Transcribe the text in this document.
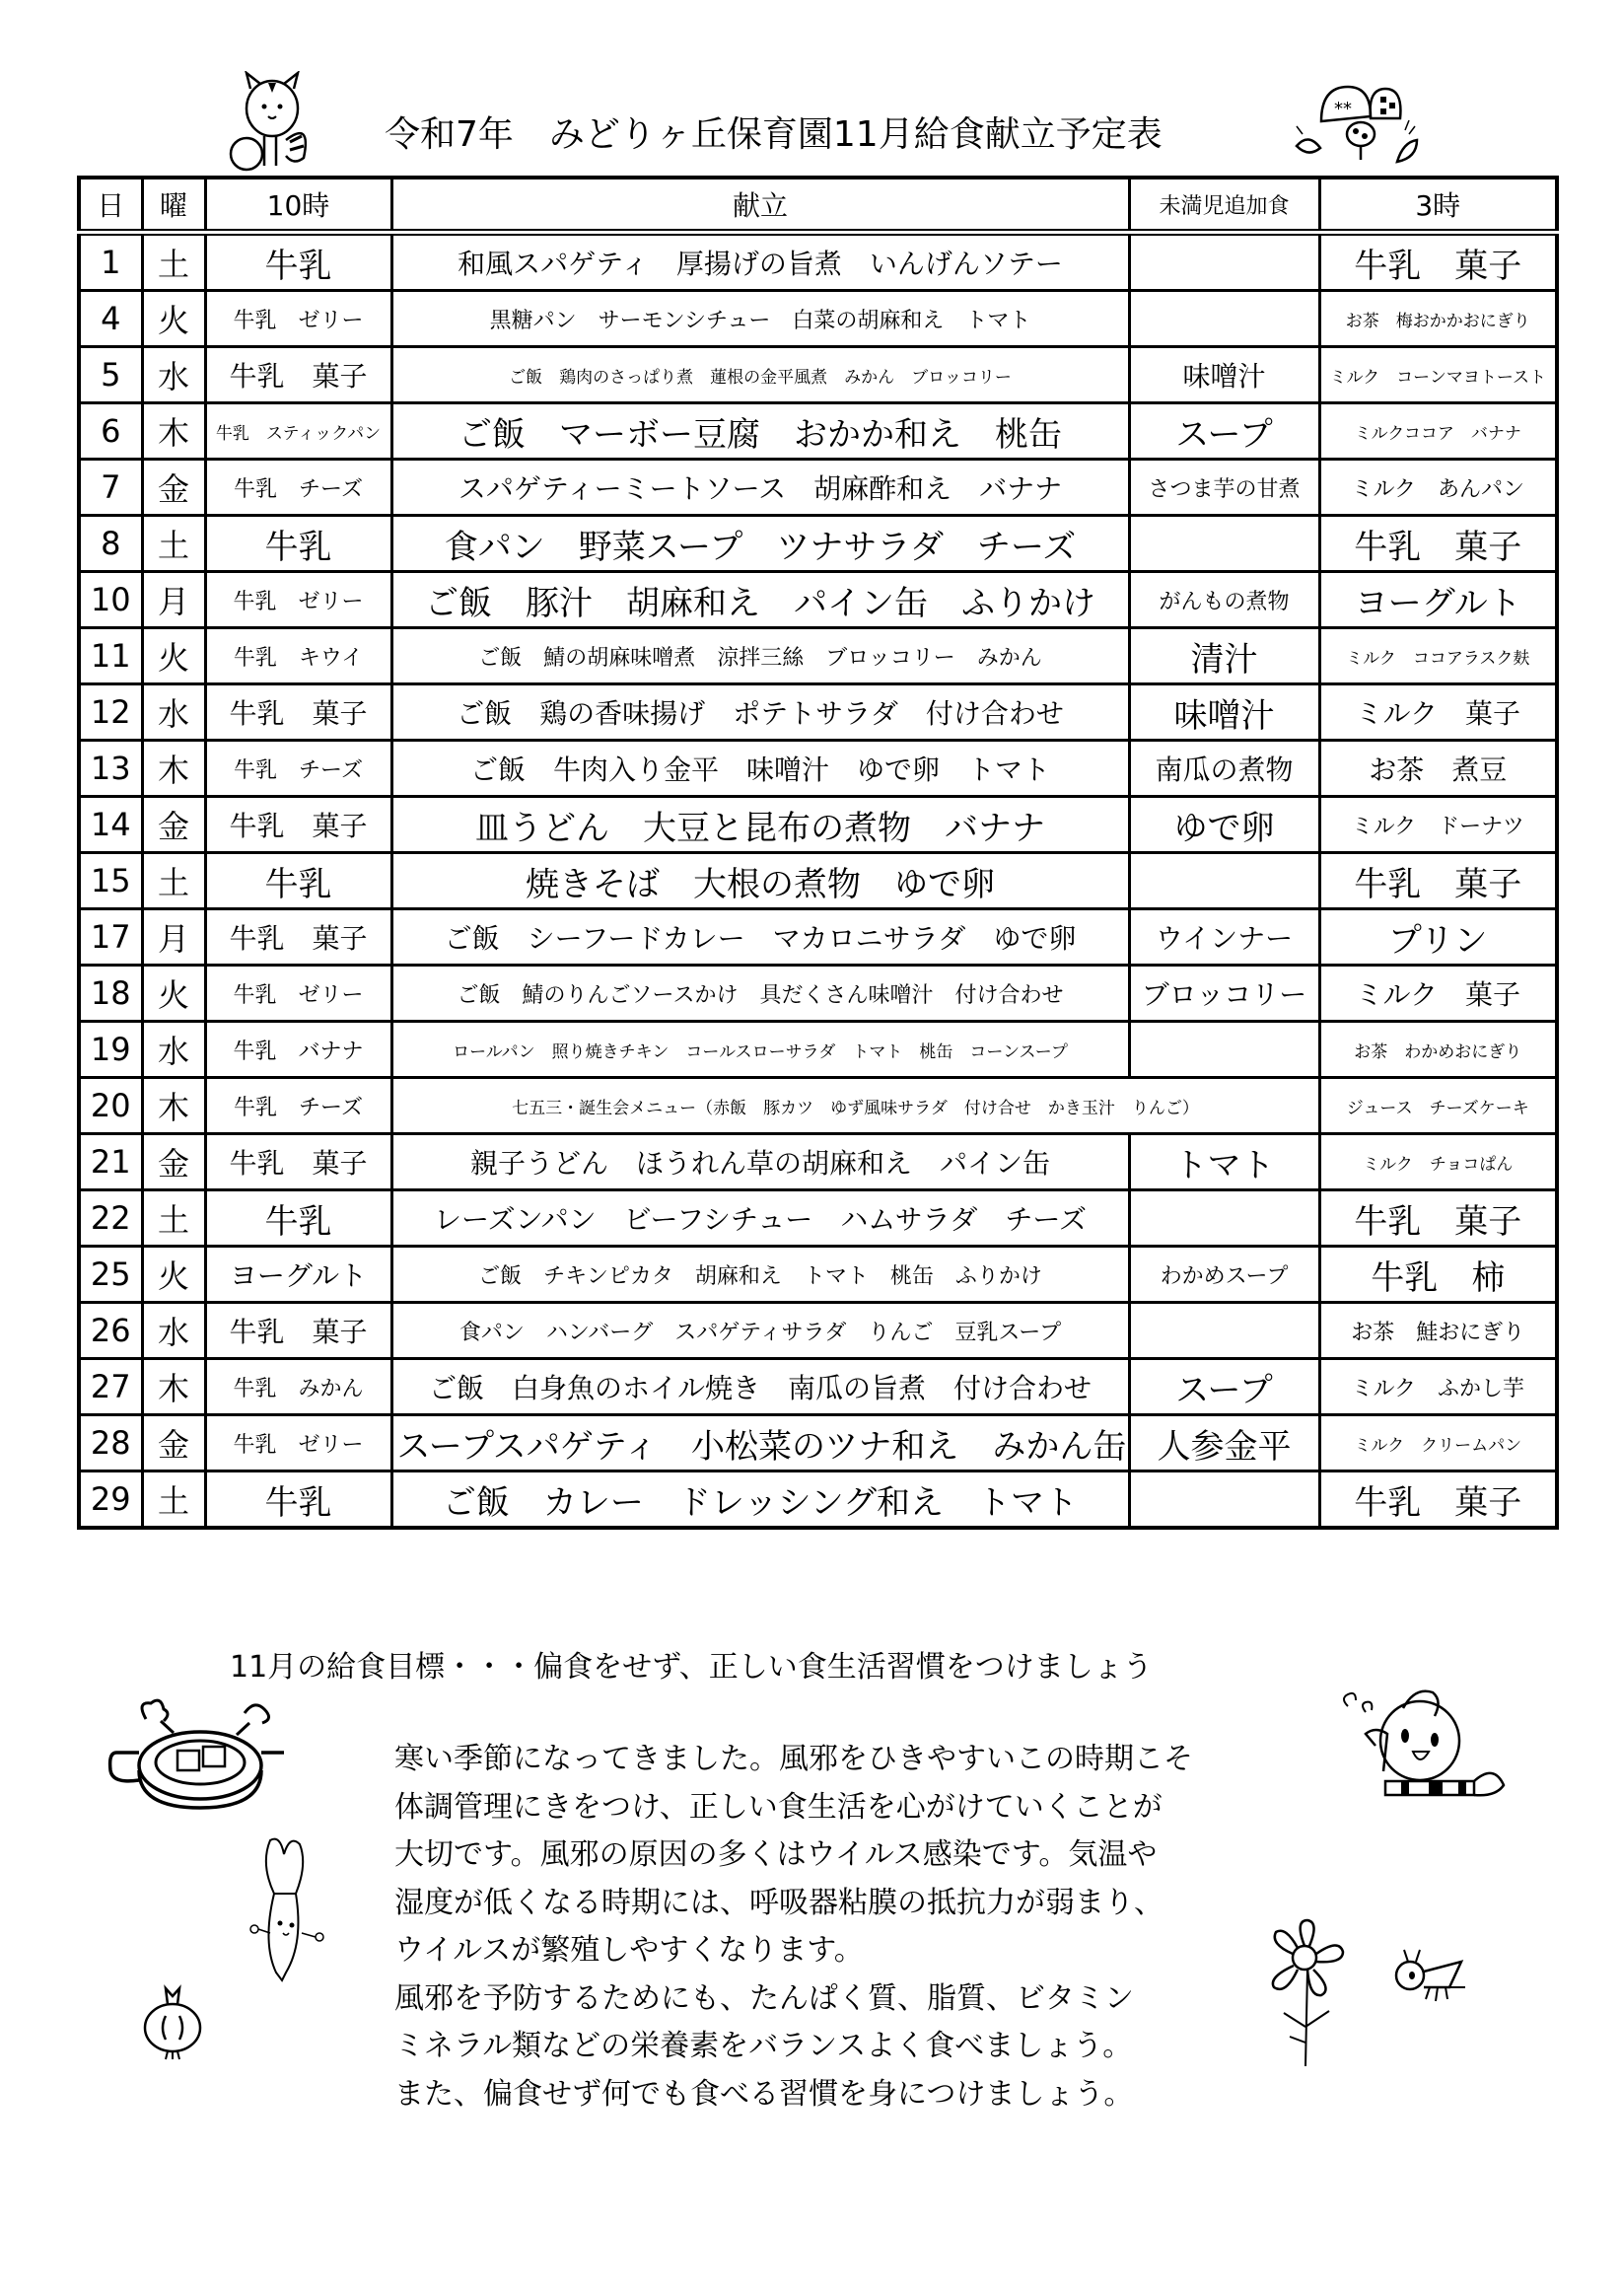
令和7年　みどりヶ丘保育園11月給食献立予定表
**
日	曜	10時	献立	未満児追加食	3時
1	土	牛乳	和風スパゲティ　厚揚げの旨煮　いんげんソテー		牛乳　菓子
4	火	牛乳　ゼリー	黒糖パン　サーモンシチュー　白菜の胡麻和え　トマト		お茶　梅おかかおにぎり
5	水	牛乳　菓子	ご飯　鶏肉のさっぱり煮　蓮根の金平風煮　みかん　ブロッコリー	味噌汁	ミルク　コーンマヨトースト
6	木	牛乳　スティックパン	ご飯　マーボー豆腐　おかか和え　桃缶	スープ	ミルクココア　バナナ
7	金	牛乳　チーズ	スパゲティーミートソース　胡麻酢和え　バナナ	さつま芋の甘煮	ミルク　あんパン
8	土	牛乳	食パン　野菜スープ　ツナサラダ　チーズ		牛乳　菓子
10	月	牛乳　ゼリー	ご飯　豚汁　胡麻和え　パイン缶　ふりかけ	がんもの煮物	ヨーグルト
11	火	牛乳　キウイ	ご飯　鯖の胡麻味噌煮　涼拌三絲　ブロッコリー　みかん	清汁	ミルク　ココアラスク麸
12	水	牛乳　菓子	ご飯　鶏の香味揚げ　ポテトサラダ　付け合わせ	味噌汁	ミルク　菓子
13	木	牛乳　チーズ	ご飯　牛肉入り金平　味噌汁　ゆで卵　トマト	南瓜の煮物	お茶　煮豆
14	金	牛乳　菓子	皿うどん　大豆と昆布の煮物　バナナ	ゆで卵	ミルク　ドーナツ
15	土	牛乳	焼きそば　大根の煮物　ゆで卵		牛乳　菓子
17	月	牛乳　菓子	ご飯　シーフードカレー　マカロニサラダ　ゆで卵	ウインナー	プリン
18	火	牛乳　ゼリー	ご飯　鯖のりんごソースかけ　具だくさん味噌汁　付け合わせ	ブロッコリー	ミルク　菓子
19	水	牛乳　バナナ	ロールパン　照り焼きチキン　コールスローサラダ　トマト　桃缶　コーンスープ		お茶　わかめおにぎり
20	木	牛乳　チーズ	七五三・誕生会メニュー（赤飯　豚カツ　ゆず風味サラダ　付け合せ　かき玉汁　りんご）		ジュース　チーズケーキ
21	金	牛乳　菓子	親子うどん　ほうれん草の胡麻和え　パイン缶	トマト	ミルク　チョコぱん
22	土	牛乳	レーズンパン　ビーフシチュー　ハムサラダ　チーズ		牛乳　菓子
25	火	ヨーグルト	ご飯　チキンピカタ　胡麻和え　トマト　桃缶　ふりかけ	わかめスープ	牛乳　柿
26	水	牛乳　菓子	食パン　ハンバーグ　スパゲティサラダ　りんご　豆乳スープ		お茶　鮭おにぎり
27	木	牛乳　みかん	ご飯　白身魚のホイル焼き　南瓜の旨煮　付け合わせ	スープ	ミルク　ふかし芋
28	金	牛乳　ゼリー	スープスパゲティ　小松菜のツナ和え　みかん缶	人参金平	ミルク　クリームパン
29	土	牛乳	ご飯　カレー　ドレッシング和え　トマト		牛乳　菓子
11月の給食目標・・・偏食をせず、正しい食生活習慣をつけましょう

寒い季節になってきました。風邪をひきやすいこの時期こそ

体調管理にきをつけ、正しい食生活を心がけていくことが

大切です。風邪の原因の多くはウイルス感染です。気温や

湿度が低くなる時期には、呼吸器粘膜の抵抗力が弱まり、

ウイルスが繁殖しやすくなります。

風邪を予防するためにも、たんぱく質、脂質、ビタミン

ミネラル類などの栄養素をバランスよく食べましょう。

また、偏食せず何でも食べる習慣を身につけましょう。
